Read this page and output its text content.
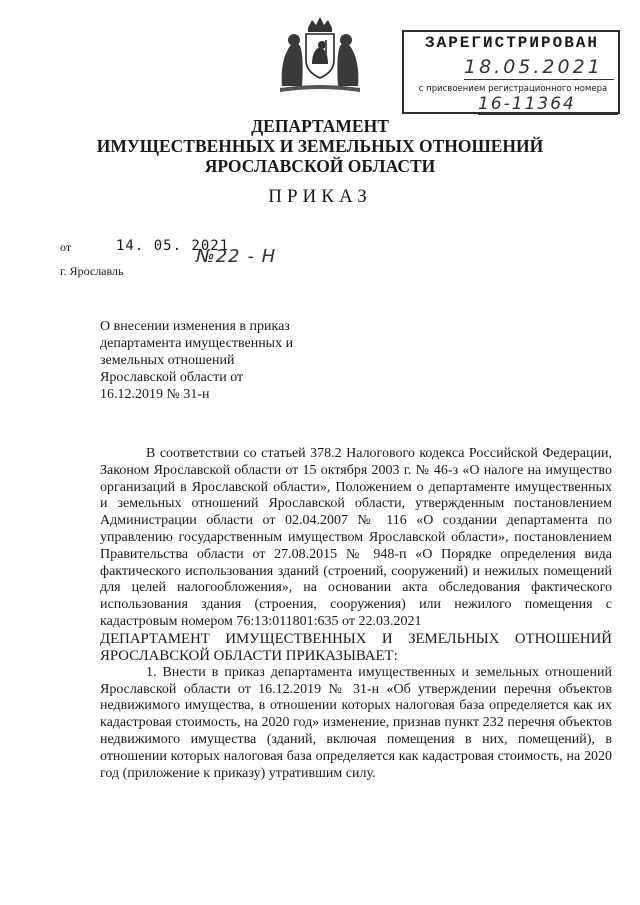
ЗАРЕГИСТРИРОВАН
18.05.2021
с присвоением регистрационного номера
16-11364
ДЕПАРТАМЕНТ
ИМУЩЕСТВЕННЫХ И ЗЕМЕЛЬНЫХ ОТНОШЕНИЙ
ЯРОСЛАВСКОЙ ОБЛАСТИ
ПРИКАЗ
от	14. 05. 2021
№22 - Н
г. Ярославль
О внесении изменения в приказ
департамента имущественных и
земельных отношений
Ярославской области от
16.12.2019 № 31-н

В соответствии со статьей 378.2 Налогового кодекса Российской Федерации, Законом Ярославской области от 15 октября 2003 г. № 46-з «О налоге на имущество организаций в Ярославской области», Положением о департаменте имущественных и земельных отношений Ярославской области, утвержденным постановлением Администрации области от 02.04.2007 № 116 «О создании департамента по управлению государственным имуществом Ярославской области», постановлением Правительства области от 27.08.2015 № 948-п «О Порядке определения вида фактического использования зданий (строений, сооружений) и нежилых помещений для целей налогообложения», на основании акта обследования фактического использования здания (строения, сооружения) или нежилого помещения с кадастровым номером 76:13:011801:635 от 22.03.2021

ДЕПАРТАМЕНТ ИМУЩЕСТВЕННЫХ И ЗЕМЕЛЬНЫХ ОТНОШЕНИЙ ЯРОСЛАВСКОЙ ОБЛАСТИ ПРИКАЗЫВАЕТ:

1. Внести в приказ департамента имущественных и земельных отношений Ярославской области от 16.12.2019 № 31-н «Об утверждении перечня объектов недвижимого имущества, в отношении которых налоговая база определяется как их кадастровая стоимость, на 2020 год» изменение, признав пункт 232 перечня объектов недвижимого имущества (зданий, включая помещения в них, помещений), в отношении которых налоговая база определяется как кадастровая стоимость, на 2020 год (приложение к приказу) утратившим силу.
